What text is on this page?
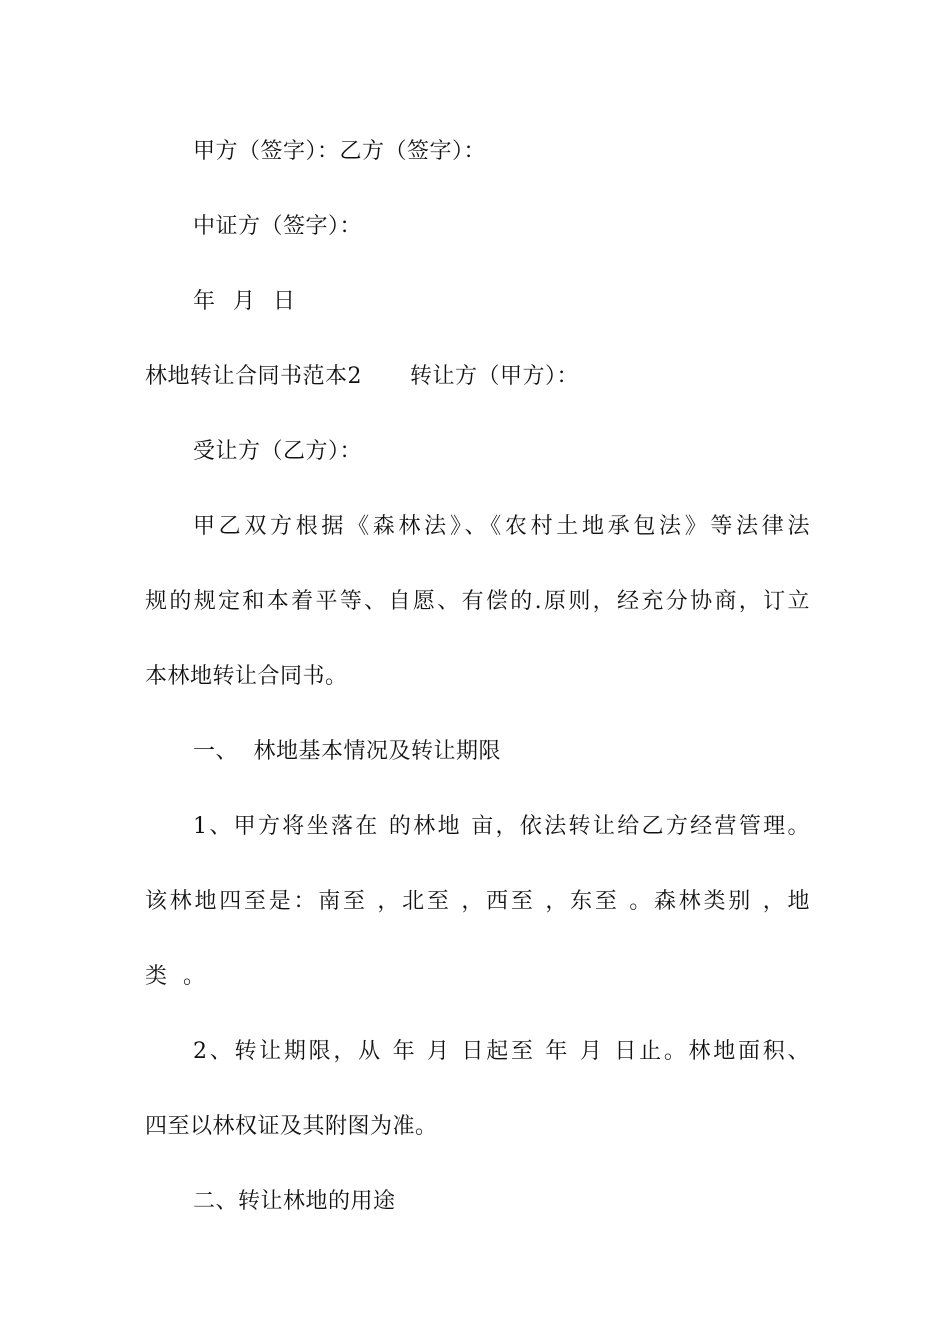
甲方（签字）：乙方（签字）：
中证方（签字）：
年 月 日
林地转让合同书范本2 转让方（甲方）：
受让方（乙方）：
甲乙双方根据《森林法》、《农村土地承包法》等法律法
规的规定和本着平等、自愿、有偿的.原则，经充分协商，订立
本林地转让合同书。
一、 林地基本情况及转让期限
1、甲方将坐落在 的林地 亩，依法转让给乙方经营管理。
该林地四至是：南至 ，北至 ，西至 ，东至 。森林类别 ，地
类 。
2、转让期限，从 年 月 日起至 年 月 日止。林地面积、
四至以林权证及其附图为准。
二、转让林地的用途
